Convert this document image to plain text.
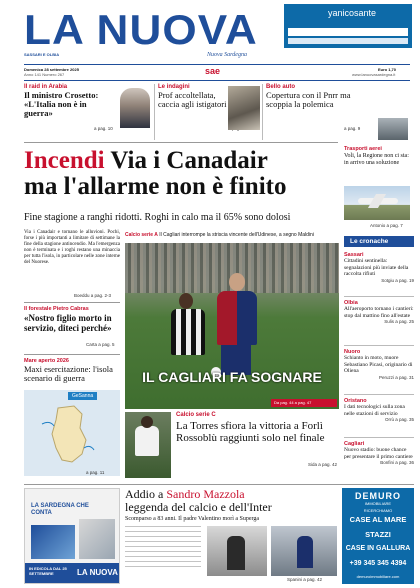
LA NUOVA
SASSARI E OLBIA	Nuova Sardegna
yanicosante
Domenica 28 settembre 2025
Anno 141 Numero 267	sae	Euro 1,70
www.lanuovasardegna.it
Il raid in Arabia
Il ministro Crosetto: «L'Italia non è in guerra»
a pag. 10
Le indagini
Prof accoltellata, caccia agli istigatori
Bello auto
Copertura con il Pnrr ma scoppia la polemica
a pag. 9
Incendi Via i Canadair
ma l'allarme non è finito
Fine stagione a ranghi ridotti. Roghi in calo ma il 65% sono dolosi
Trasporti aerei
Voli, la Regione non ci sta: in arrivo una soluzione
Antonio a pag. 7
Via i Canadair e tornano le alluvioni. Pochi, forse i più importanti a limitare di settimane la fine della stagione antincendio. Ma l'emergenza non è terminata e i roghi restano una minaccia per tutta l'isola, in particolare nelle zone interne del Nuorese.
Boeddu a pag. 2-3
Calcio serie A Il Cagliari interrompe la striscia vincente dell'Udinese, a segno Maldini
IL CAGLIARI FA SOGNARE
Da pag. 44 a pag. 47
Il forestale Pietro Cabras
«Nostro figlio morto in servizio, diteci perché»
Carta a pag. 5
Mare aperto 2026
Maxi esercitazione: l'isola scenario di guerra
GeSanna
a pag. 11
Calcio serie C
La Torres sfiora la vittoria a Forlì
Rossoblù raggiunti solo nel finale
Sida a pag. 42
Le cronache
Sassari
Cittadini sentinella: segnalazioni più inviate della raccolta rifiuti
Sotgiu a pag. 19
Olbia
All'aeroporto tornano i cantieri: stop dal mattino fino all'estate
Sulis a pag. 25
Nuoro
Schianto in moto, muore Sebastiano Picasi, originario di Oliena
Peruzzi a pag. 31
Oristano
I dati tecnologici sulla zona nelle stazioni di servizio
Orrù a pag. 35
Cagliari
Nuovo stadio: buone chance per presentare il primo cantiere
Bonfini a pag. 36
LA SARDEGNA CHE CONTA
IN EDICOLA DAL 25 SETTEMBRE	LA NUOVA
Addio a Sandro Mazzola
leggenda del calcio e dell'Inter
Scomparso a 83 anni. Il padre Valentino morì a Superga
Spanini a pag. 42
DEMURO
IMMOBILIARE
RICERCHIAMO
CASE AL MARE
STAZZI
CASE IN GALLURA
+39 345 345 4394
demuroimmobiliare.com
